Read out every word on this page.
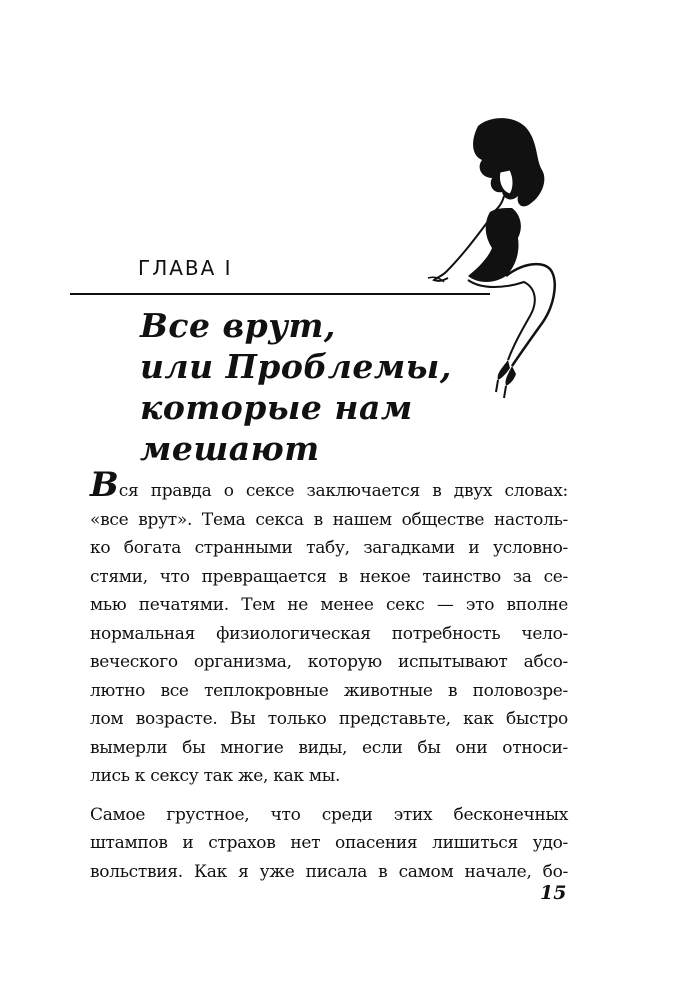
ГЛАВА I
Все врут,
или Проблемы,
которые нам
мешают
Вся правда о сексе заключается в двух словах:
«все врут». Тема секса в нашем обществе настоль-
ко богата странными табу, загадками и условно-
стями, что превращается в некое таинство за се-
мью печатями. Тем не менее секс — это вполне
нормальная физиологическая потребность чело-
веческого организма, которую испытывают абсо-
лютно все теплокровные животные в половозре-
лом возрасте. Вы только представьте, как быстро
вымерли бы многие виды, если бы они относи-
лись к сексу так же, как мы.
Самое грустное, что среди этих бесконечных
штампов и страхов нет опасения лишиться удо-
вольствия. Как я уже писала в самом начале, бо-
15
